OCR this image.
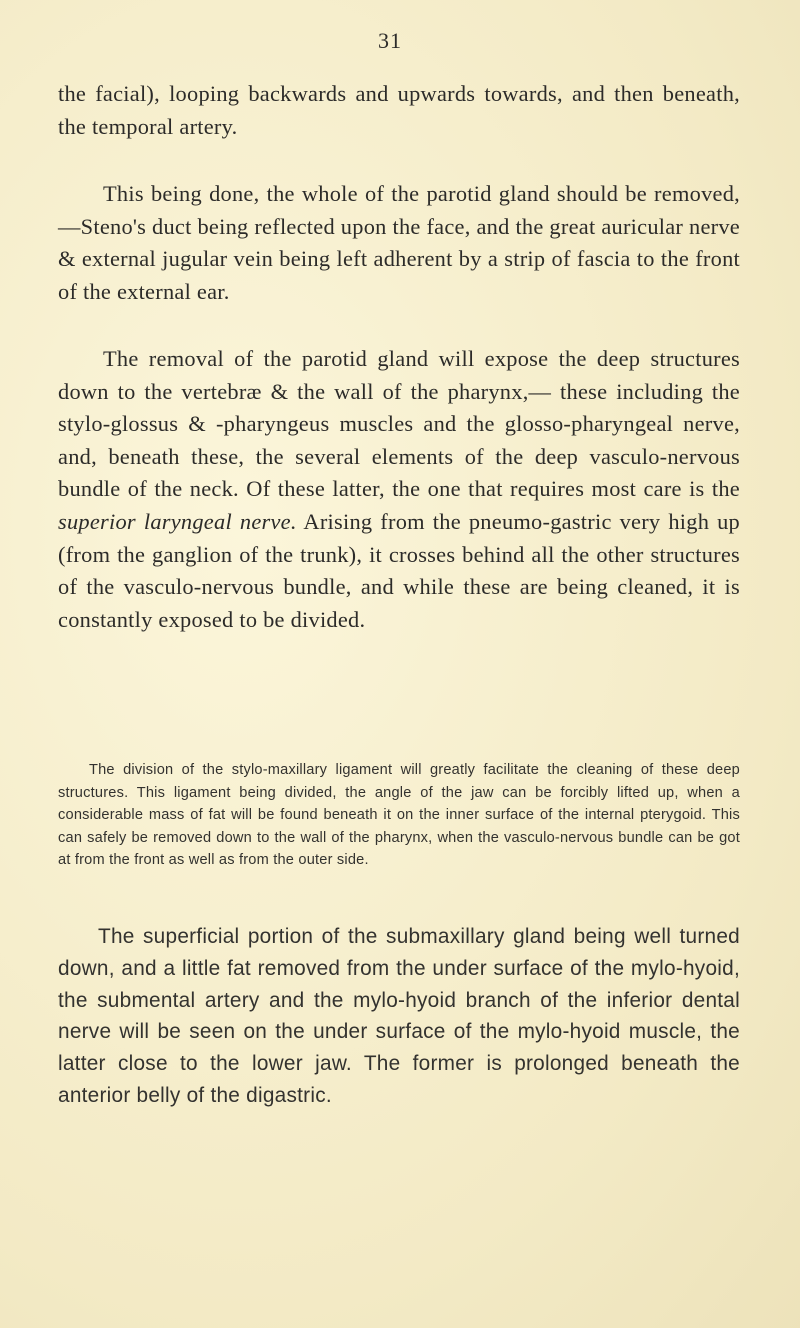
31

the facial), looping backwards and upwards towards, and then beneath, the temporal artery.

This being done, the whole of the parotid gland should be removed,—Steno's duct being reflected upon the face, and the great auricular nerve & external jugular vein being left adherent by a strip of fascia to the front of the external ear.

The removal of the parotid gland will expose the deep structures down to the vertebræ & the wall of the pharynx,— these including the stylo-glossus & -pharyngeus muscles and the glosso-pharyngeal nerve, and, beneath these, the several elements of the deep vasculo-nervous bundle of the neck. Of these latter, the one that requires most care is the superior laryngeal nerve. Arising from the pneumo-gastric very high up (from the ganglion of the trunk), it crosses behind all the other structures of the vasculo-nervous bundle, and while these are being cleaned, it is constantly exposed to be divided.

The division of the stylo-maxillary ligament will greatly facilitate the cleaning of these deep structures. This ligament being divided, the angle of the jaw can be forcibly lifted up, when a considerable mass of fat will be found beneath it on the inner surface of the internal pterygoid. This can safely be removed down to the wall of the pharynx, when the vasculo-nervous bundle can be got at from the front as well as from the outer side.

The superficial portion of the submaxillary gland being well turned down, and a little fat removed from the under surface of the mylo-hyoid, the submental artery and the mylo-hyoid branch of the inferior dental nerve will be seen on the under surface of the mylo-hyoid muscle, the latter close to the lower jaw. The former is prolonged beneath the anterior belly of the digastric.
